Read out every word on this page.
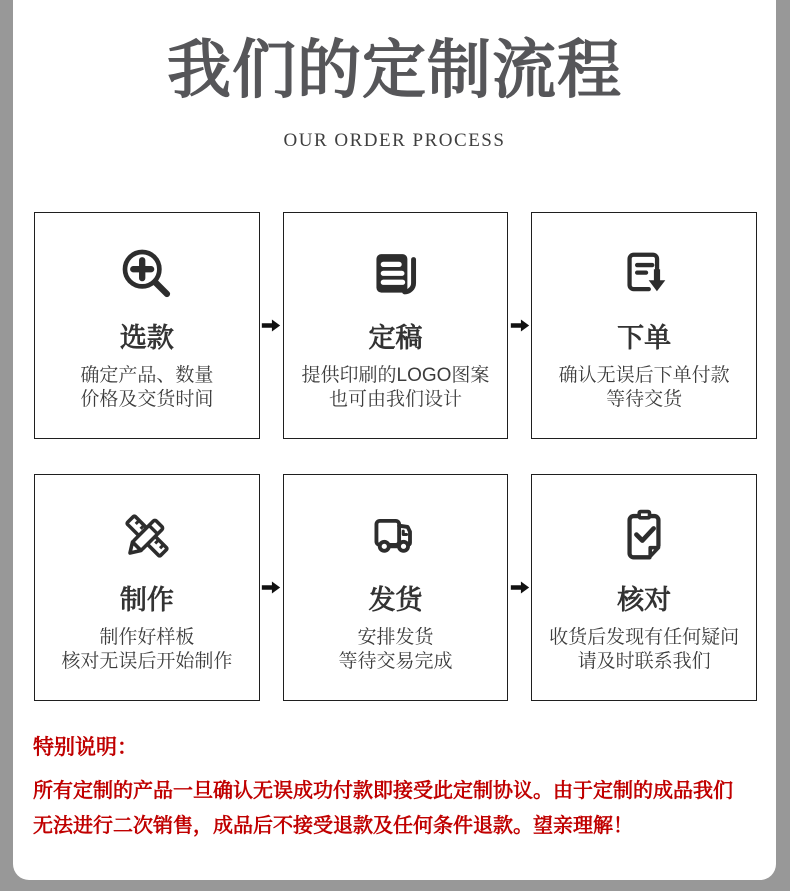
我们的定制流程
OUR ORDER PROCESS
选款
确定产品、数量
价格及交货时间
定稿
提供印刷的LOGO图案
也可由我们设计
下单
确认无误后下单付款
等待交货
制作
制作好样板
核对无误后开始制作
发货
安排发货
等待交易完成
核对
收货后发现有任何疑问
请及时联系我们
特别说明：
所有定制的产品一旦确认无误成功付款即接受此定制协议。由于定制的成品我们无法进行二次销售，成品后不接受退款及任何条件退款。望亲理解！
